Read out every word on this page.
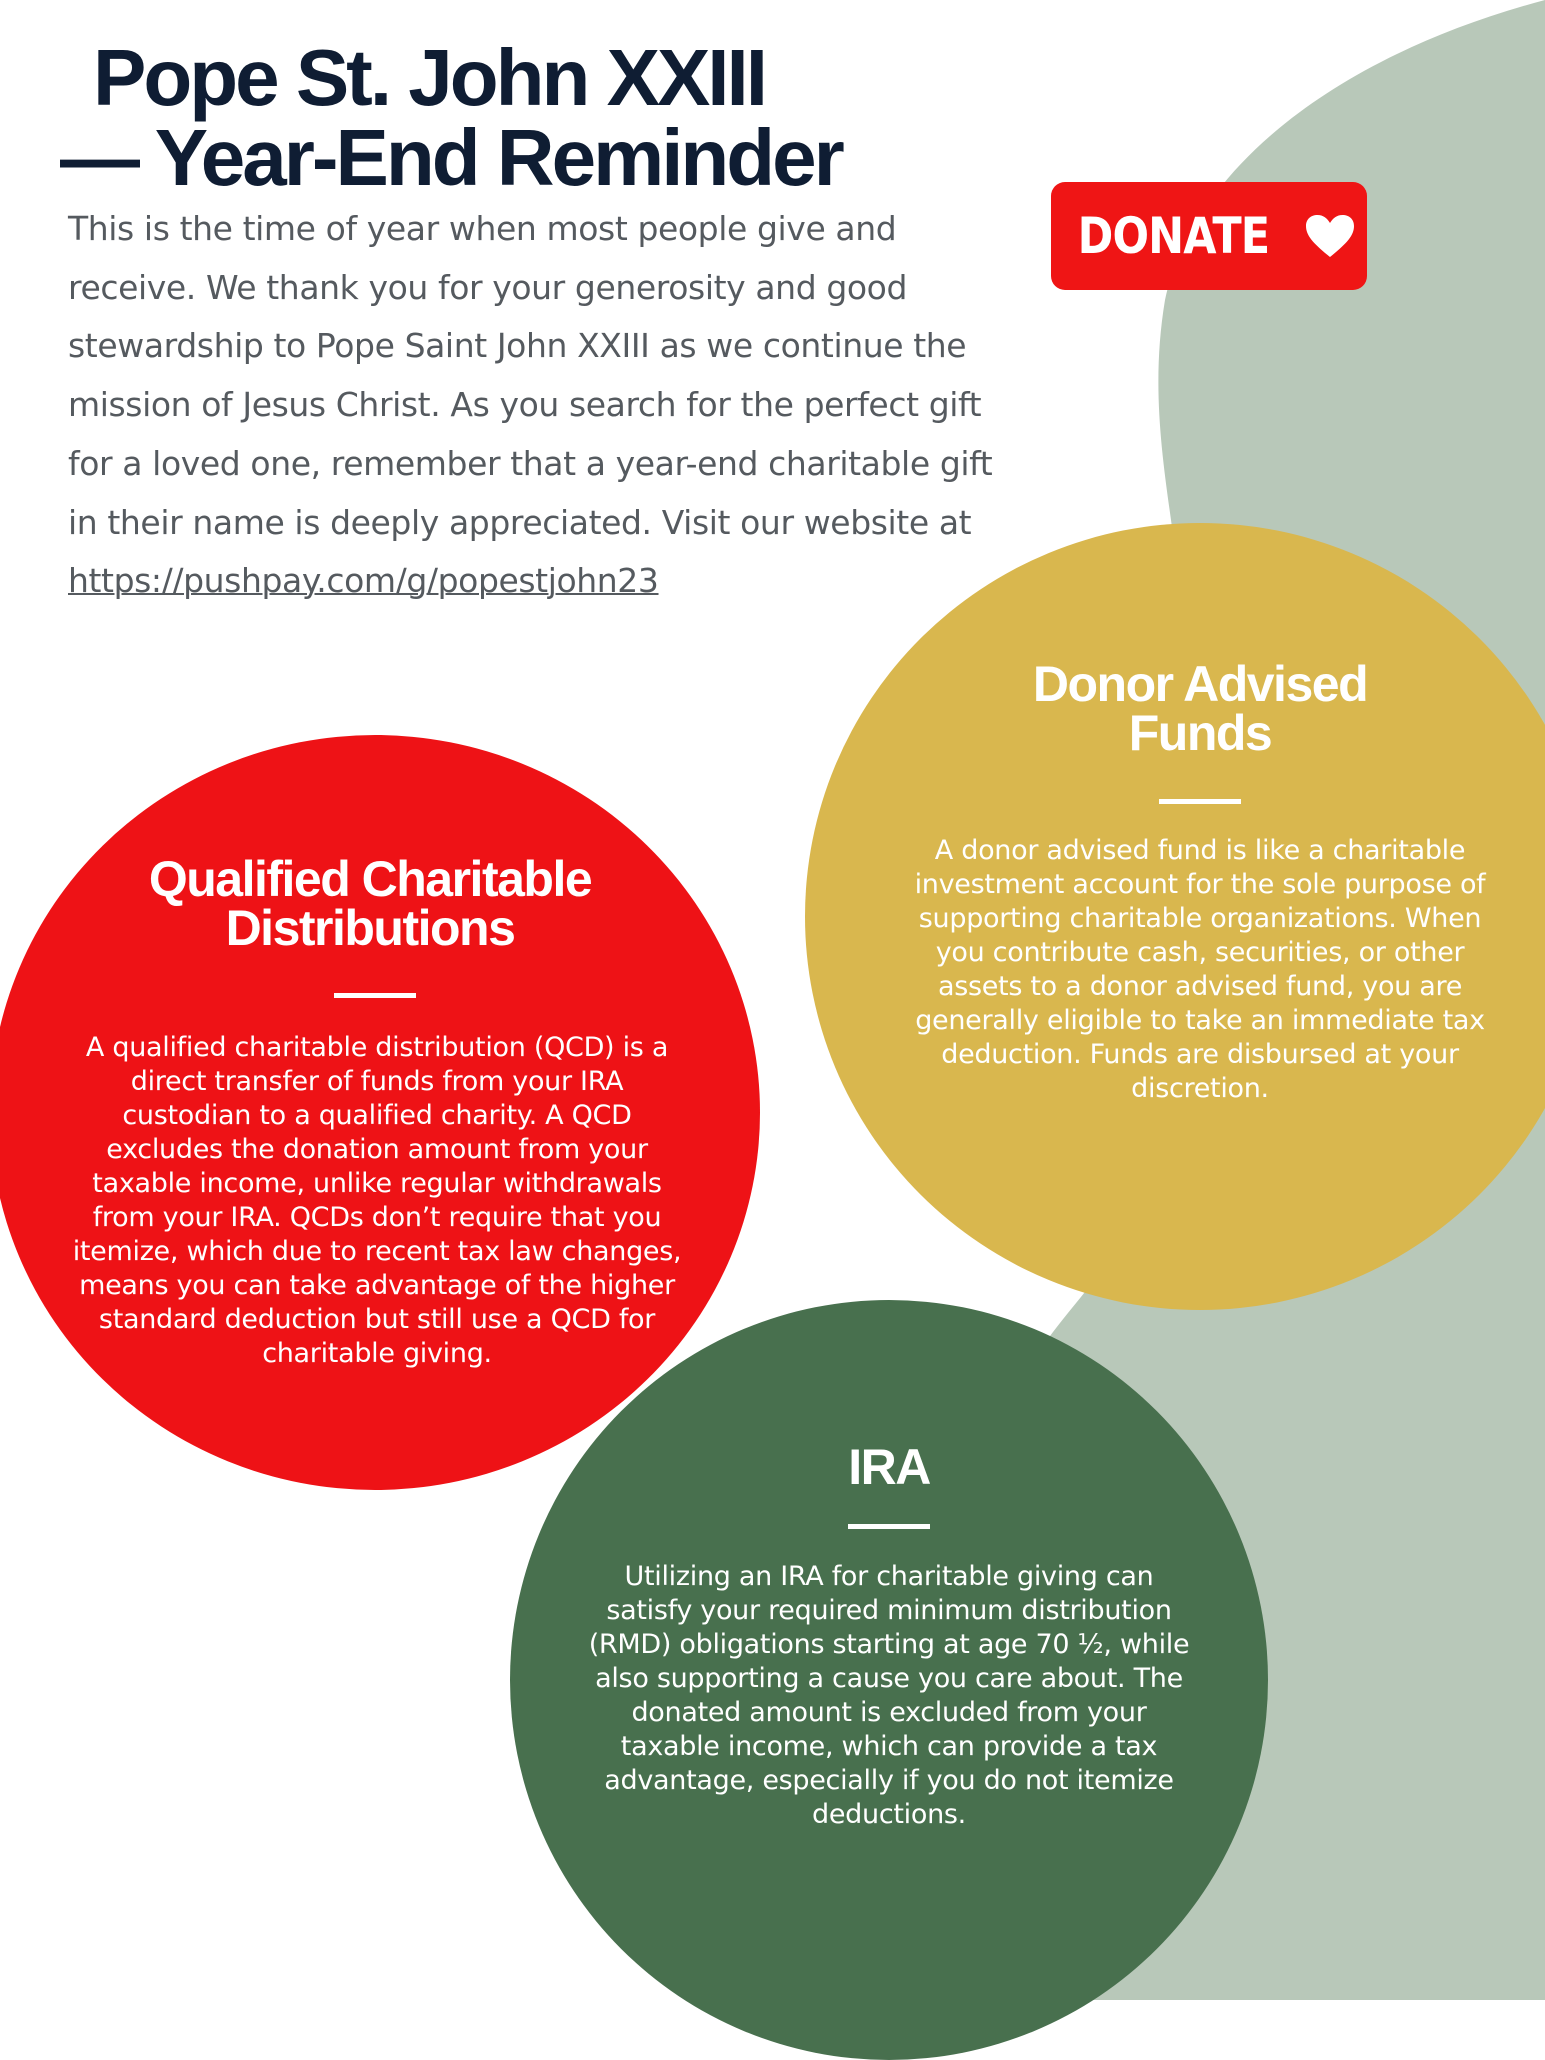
Pope St. John XXIII
— Year-End Reminder

This is the time of year when most people give and receive. We thank you for your generosity and good stewardship to Pope Saint John XXIII as we continue the mission of Jesus Christ. As you search for the perfect gift for a loved one, remember that a year-end charitable gift in their name is deeply appreciated. Visit our website at
https://pushpay.com/g/popestjohn23

DONATE
Qualified Charitable
Distributions

A qualified charitable distribution (QCD) is a direct transfer of funds from your IRA custodian to a qualified charity. A QCD excludes the donation amount from your taxable income, unlike regular withdrawals from your IRA. QCDs don’t require that you itemize, which due to recent tax law changes, means you can take advantage of the higher standard deduction but still use a QCD for charitable giving.

Donor Advised
Funds

A donor advised fund is like a charitable investment account for the sole purpose of supporting charitable organizations. When you contribute cash, securities, or other assets to a donor advised fund, you are generally eligible to take an immediate tax deduction. Funds are disbursed at your discretion.

IRA

Utilizing an IRA for charitable giving can satisfy your required minimum distribution (RMD) obligations starting at age 70 ½, while also supporting a cause you care about. The donated amount is excluded from your taxable income, which can provide a tax advantage, especially if you do not itemize deductions.
